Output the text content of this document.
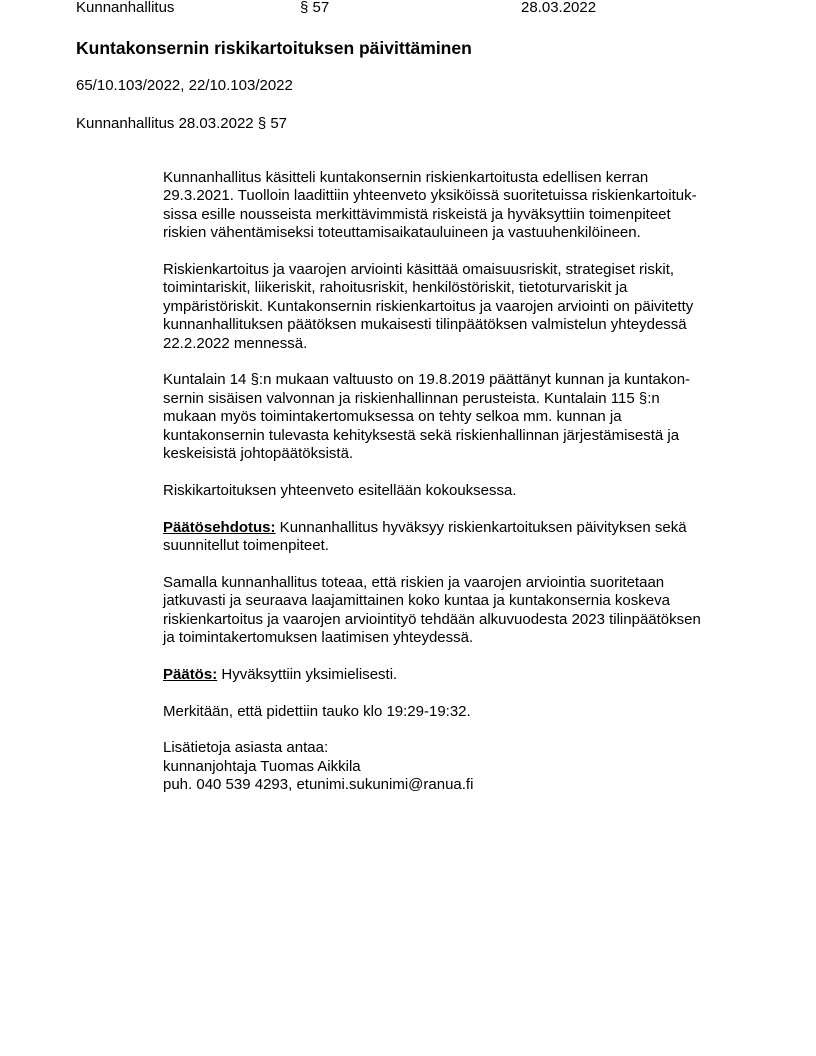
Kunnanhallitus	§ 57	28.03.2022
Kuntakonsernin riskikartoituksen päivittäminen
65/10.103/2022, 22/10.103/2022
Kunnanhallitus 28.03.2022 § 57

Kunnanhallitus käsitteli kuntakonsernin riskienkartoitusta edellisen kerran
29.3.2021. Tuolloin laadittiin yhteenveto yksiköissä suoritetuissa riskienkartoituk-
sissa esille nousseista merkittävimmistä riskeistä ja hyväksyttiin toimenpiteet
riskien vähentämiseksi toteuttamisaikatauluineen ja vastuuhenkilöineen.

Riskienkartoitus ja vaarojen arviointi käsittää omaisuusriskit, strategiset riskit,
toimintariskit, liikeriskit, rahoitusriskit, henkilöstöriskit, tietoturvariskit ja
ympäristöriskit. Kuntakonsernin riskienkartoitus ja vaarojen arviointi on päivitetty
kunnanhallituksen päätöksen mukaisesti tilinpäätöksen valmistelun yhteydessä
22.2.2022 mennessä.

Kuntalain 14 §:n mukaan valtuusto on 19.8.2019 päättänyt kunnan ja kuntakon-
sernin sisäisen valvonnan ja riskienhallinnan perusteista. Kuntalain 115 §:n
mukaan myös toimintakertomuksessa on tehty selkoa mm. kunnan ja
kuntakonsernin tulevasta kehityksestä sekä riskienhallinnan järjestämisestä ja
keskeisistä johtopäätöksistä.

Riskikartoituksen yhteenveto esitellään kokouksessa.

Päätösehdotus: Kunnanhallitus hyväksyy riskienkartoituksen päivityksen sekä
suunnitellut toimenpiteet.

Samalla kunnanhallitus toteaa, että riskien ja vaarojen arviointia suoritetaan
jatkuvasti ja seuraava laajamittainen koko kuntaa ja kuntakonsernia koskeva
riskienkartoitus ja vaarojen arviointityö tehdään alkuvuodesta 2023 tilinpäätöksen
ja toimintakertomuksen laatimisen yhteydessä.

Päätös: Hyväksyttiin yksimielisesti.

Merkitään, että pidettiin tauko klo 19:29-19:32.

Lisätietoja asiasta antaa:
kunnanjohtaja Tuomas Aikkila
puh. 040 539 4293, etunimi.sukunimi@ranua.fi
